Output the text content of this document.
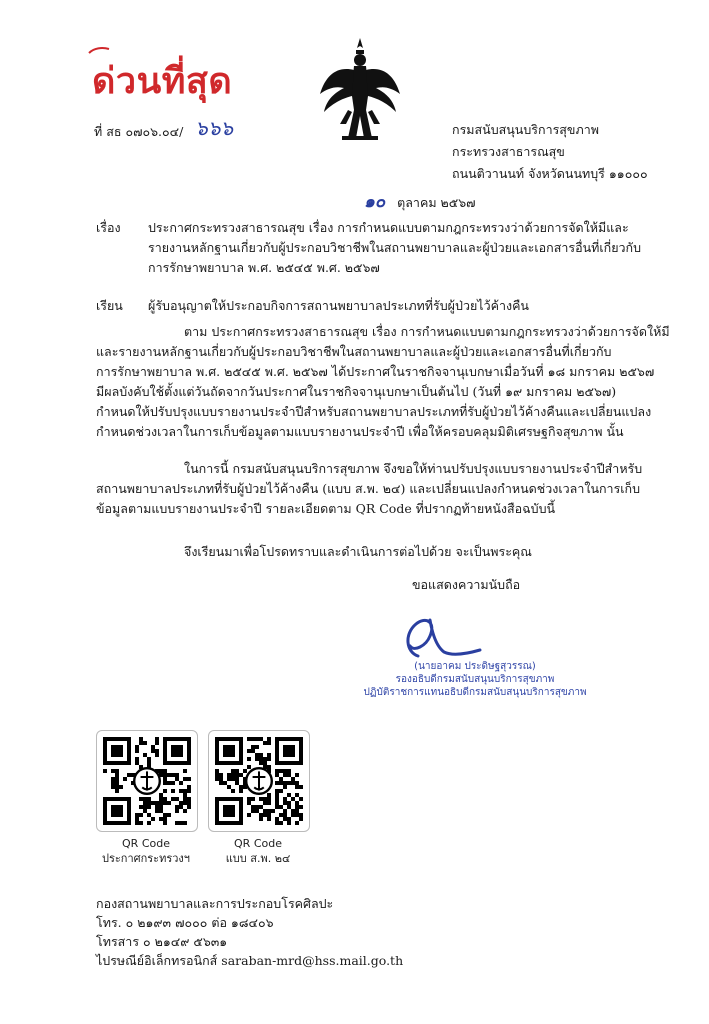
ด่วนที่สุด
ที่ สธ ๐๗๐๖.๐๔/ ๖๖๖	กรมสนับสนุนบริการสุขภาพ
กระทรวงสาธารณสุข
ถนนติวานนท์ จังหวัดนนทบุรี ๑๑๐๐๐
๑๐ ตุลาคม ๒๕๖๗
เรื่อง ประกาศกระทรวงสาธารณสุข เรื่อง การกำหนดแบบตามกฎกระทรวงว่าด้วยการจัดให้มีและ
รายงานหลักฐานเกี่ยวกับผู้ประกอบวิชาชีพในสถานพยาบาลและผู้ป่วยและเอกสารอื่นที่เกี่ยวกับ
การรักษาพยาบาล พ.ศ. ๒๕๔๕ พ.ศ. ๒๕๖๗
เรียน ผู้รับอนุญาตให้ประกอบกิจการสถานพยาบาลประเภทที่รับผู้ป่วยไว้ค้างคืน
ตาม ประกาศกระทรวงสาธารณสุข เรื่อง การกำหนดแบบตามกฎกระทรวงว่าด้วยการจัดให้มี
และรายงานหลักฐานเกี่ยวกับผู้ประกอบวิชาชีพในสถานพยาบาลและผู้ป่วยและเอกสารอื่นที่เกี่ยวกับ
การรักษาพยาบาล พ.ศ. ๒๕๔๕ พ.ศ. ๒๕๖๗ ได้ประกาศในราชกิจจานุเบกษาเมื่อวันที่ ๑๘ มกราคม ๒๕๖๗
มีผลบังคับใช้ตั้งแต่วันถัดจากวันประกาศในราชกิจจานุเบกษาเป็นต้นไป (วันที่ ๑๙ มกราคม ๒๕๖๗)
กำหนดให้ปรับปรุงแบบรายงานประจำปีสำหรับสถานพยาบาลประเภทที่รับผู้ป่วยไว้ค้างคืนและเปลี่ยนแปลง
กำหนดช่วงเวลาในการเก็บข้อมูลตามแบบรายงานประจำปี เพื่อให้ครอบคลุมมิติเศรษฐกิจสุขภาพ นั้น
ในการนี้ กรมสนับสนุนบริการสุขภาพ จึงขอให้ท่านปรับปรุงแบบรายงานประจำปีสำหรับ
สถานพยาบาลประเภทที่รับผู้ป่วยไว้ค้างคืน (แบบ ส.พ. ๒๔) และเปลี่ยนแปลงกำหนดช่วงเวลาในการเก็บ
ข้อมูลตามแบบรายงานประจำปี รายละเอียดตาม QR Code ที่ปรากฏท้ายหนังสือฉบับนี้
จึงเรียนมาเพื่อโปรดทราบและดำเนินการต่อไปด้วย จะเป็นพระคุณ
ขอแสดงความนับถือ
(นายอาคม ประดิษฐสุวรรณ)
รองอธิบดีกรมสนับสนุนบริการสุขภาพ
ปฏิบัติราชการแทนอธิบดีกรมสนับสนุนบริการสุขภาพ
QR Code
ประกาศกระทรวงฯ
QR Code
แบบ ส.พ. ๒๔
กองสถานพยาบาลและการประกอบโรคศิลปะ
โทร. ๐ ๒๑๙๓ ๗๐๐๐ ต่อ ๑๘๔๐๖
โทรสาร ๐ ๒๑๔๙ ๕๖๓๑
ไปรษณีย์อิเล็กทรอนิกส์ saraban-mrd@hss.mail.go.th
